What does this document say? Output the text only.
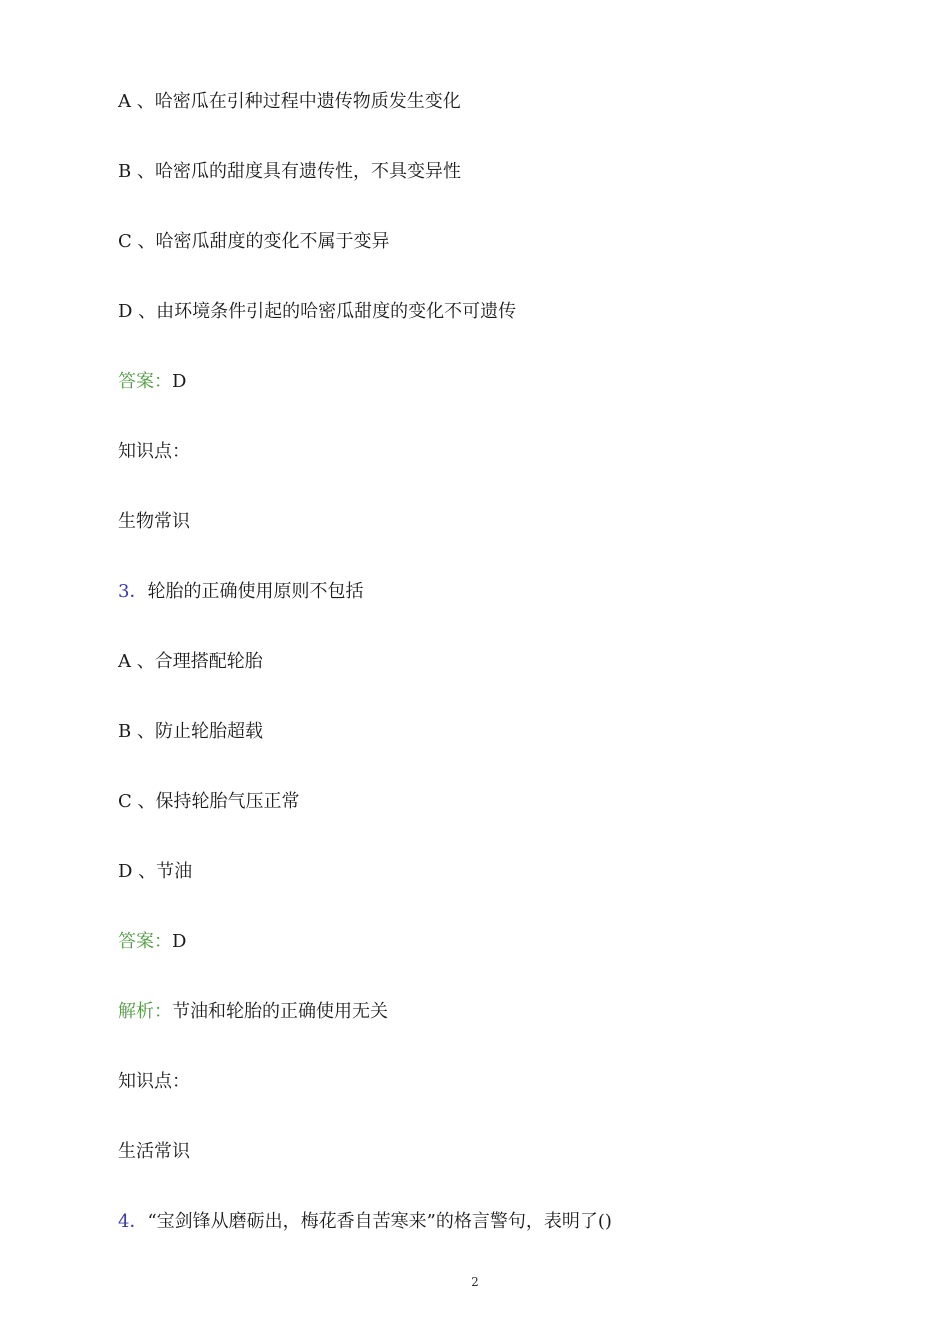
A 、哈密瓜在引种过程中遗传物质发生变化
B 、哈密瓜的甜度具有遗传性，不具变异性
C 、哈密瓜甜度的变化不属于变异
D 、由环境条件引起的哈密瓜甜度的变化不可遗传
答案：D
知识点：
生物常识
3．轮胎的正确使用原则不包括
A 、合理搭配轮胎
B 、防止轮胎超载
C 、保持轮胎气压正常
D 、节油
答案：D
解析：节油和轮胎的正确使用无关
知识点：
生活常识
4．“宝剑锋从磨砺出，梅花香自苦寒来”的格言警句，表明了()
2
